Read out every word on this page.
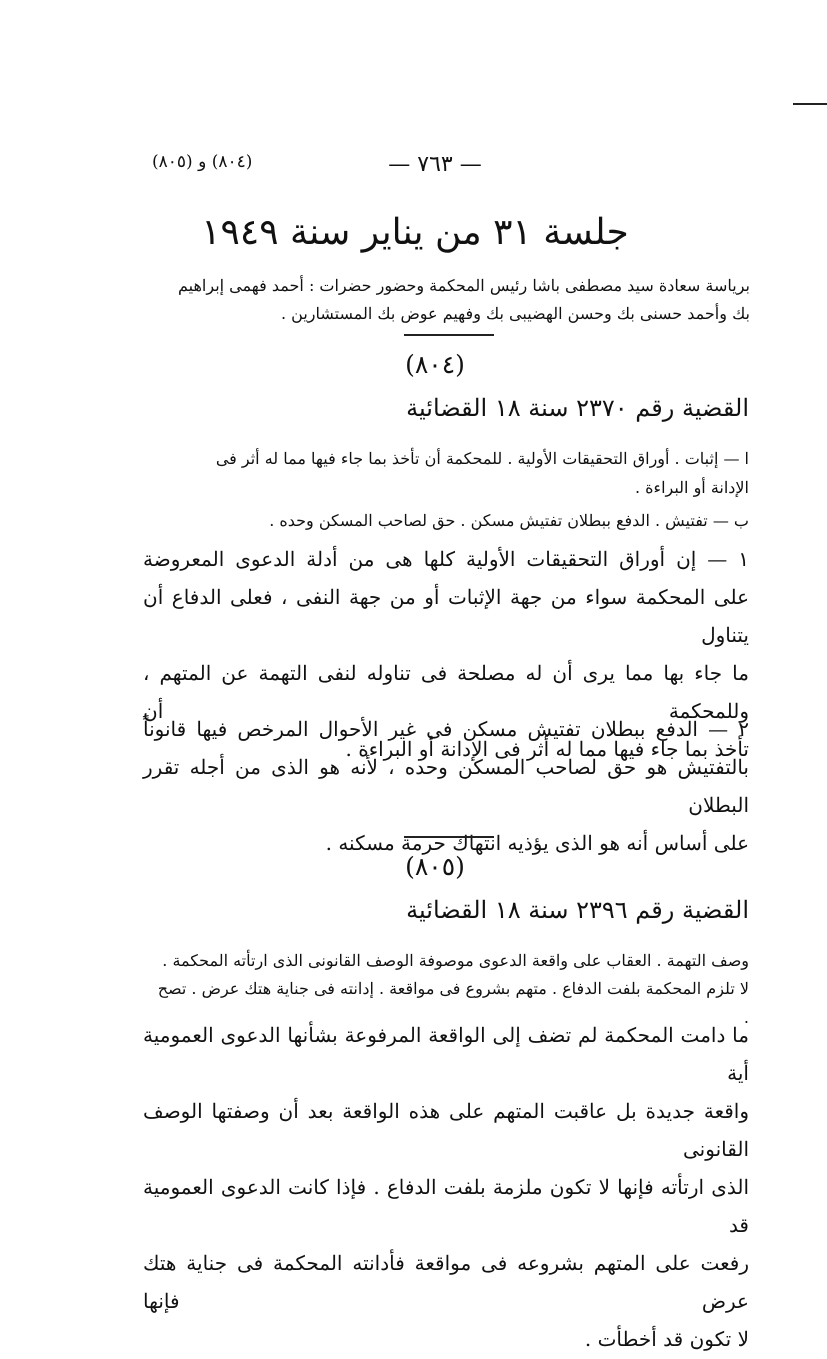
— ٧٦٣ —
(٨٠٤) و (٨٠٥)
جلسة ٣١ من يناير سنة ١٩٤٩
برياسة سعادة سيد مصطفى باشا رئيس المحكمة وحضور حضرات : أحمد فهمى إبراهيم
بك وأحمد حسنى بك وحسن الهضيبى بك وفهيم عوض بك المستشارين .
(٨٠٤)
القضية رقم ٢٣٧٠ سنة ١٨ القضائية
ا — إثبات . أوراق التحقيقات الأولية . للمحكمة أن تأخذ بما جاء فيها مما له أثر فى
الإدانة أو البراءة .
ب — تفتيش . الدفع ببطلان تفتيش مسكن . حق لصاحب المسكن وحده .
١ — إن أوراق التحقيقات الأولية كلها هى من أدلة الدعوى المعروضة
على المحكمة سواء من جهة الإثبات أو من جهة النفى ، فعلى الدفاع أن يتناول
ما جاء بها مما يرى أن له مصلحة فى تناوله لنفى التهمة عن المتهم ، وللمحكمة أن
تأخذ بما جاء فيها مما له أثر فى الإدانة أو البراءة .
٢ — الدفع ببطلان تفتيش مسكن فى غير الأحوال المرخص فيها قانوناً
بالتفتيش هو حق لصاحب المسكن وحده ، لأنه هو الذى من أجله تقرر البطلان
على أساس أنه هو الذى يؤذيه انتهاك حرمة مسكنه .
(٨٠٥)
القضية رقم ٢٣٩٦ سنة ١٨ القضائية
وصف التهمة . العقاب على واقعة الدعوى موصوفة الوصف القانونى الذى ارتأته المحكمة .
لا تلزم المحكمة بلفت الدفاع . متهم بشروع فى مواقعة . إدانته فى جناية هتك عرض . تصح .
ما دامت المحكمة لم تضف إلى الواقعة المرفوعة بشأنها الدعوى العمومية أية
واقعة جديدة بل عاقبت المتهم على هذه الواقعة بعد أن وصفتها الوصف القانونى
الذى ارتأته فإنها لا تكون ملزمة بلفت الدفاع . فإذا كانت الدعوى العمومية قد
رفعت على المتهم بشروعه فى مواقعة فأدانته المحكمة فى جناية هتك عرض فإنها
لا تكون قد أخطأت .
